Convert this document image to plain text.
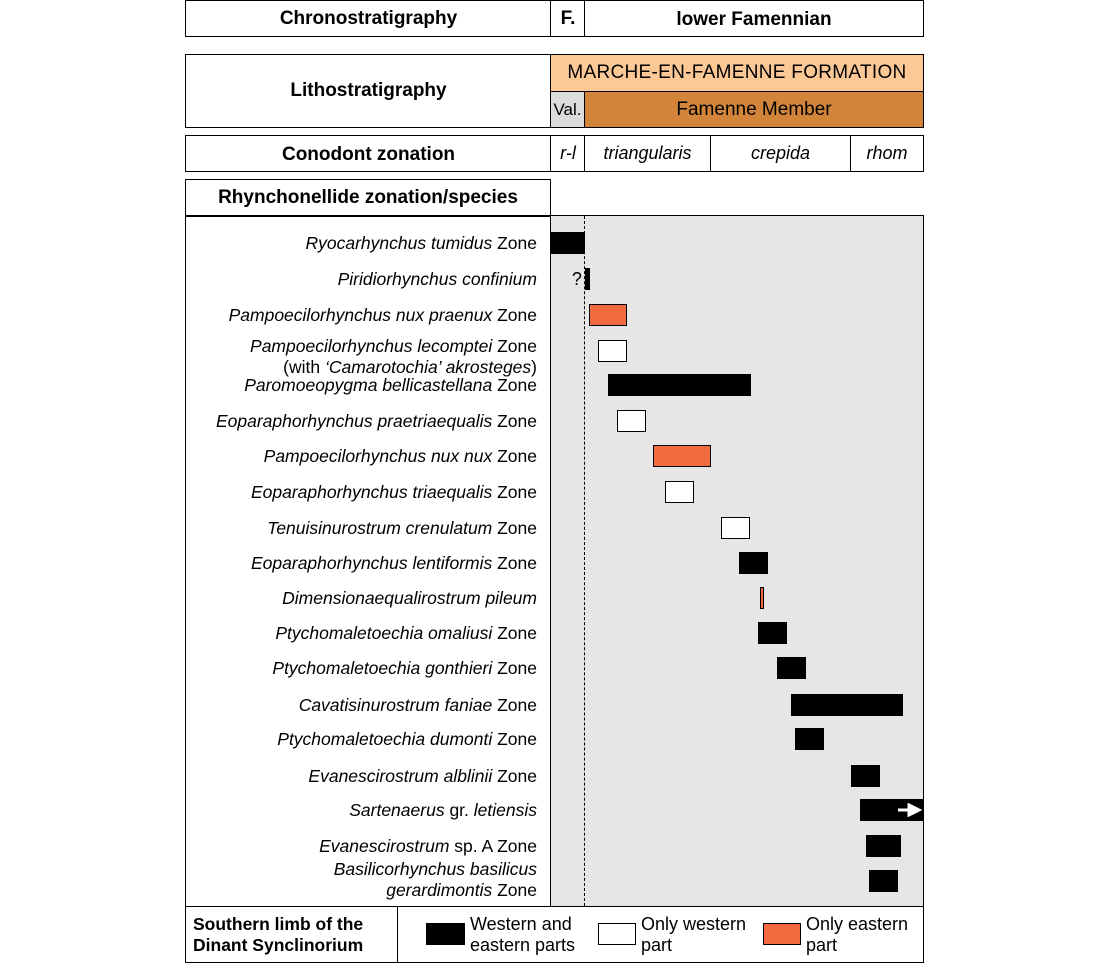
Chronostratigraphy	F.	lower Famennian
Lithostratigraphy
MARCHE-EN-FAMENNE FORMATION
Val.	Famenne Member
Conodont zonation	r-l	triangularis	crepida	rhom
Rhynchonellide zonation/species
Ryocarhynchus tumidus Zone
Piridiorhynchus confinium ?
Pampoecilorhynchus nux praenux Zone
Pampoecilorhynchus lecomptei Zone
(with ‘Camarotochia’ akrosteges)
Paromoeopygma bellicastellana Zone
Eoparaphorhynchus praetriaequalis Zone
Pampoecilorhynchus nux nux Zone
Eoparaphorhynchus triaequalis Zone
Tenuisinurostrum crenulatum Zone
Eoparaphorhynchus lentiformis Zone
Dimensionaequalirostrum pileum
Ptychomaletoechia omaliusi Zone
Ptychomaletoechia gonthieri Zone
Cavatisinurostrum faniae Zone
Ptychomaletoechia dumonti Zone
Evanescirostrum alblinii Zone
Sartenaerus gr. letiensis
Evanescirostrum sp. A Zone
Basilicorhynchus basilicus
gerardimontis Zone
Southern limb of the
Dinant Synclinorium
Western and
eastern parts
Only western
part
Only eastern
part
